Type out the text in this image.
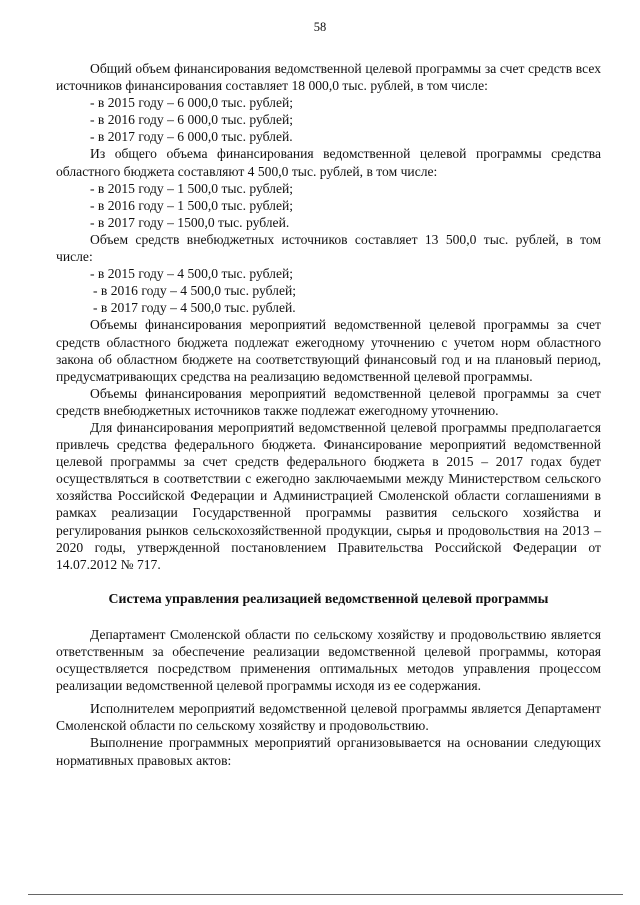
58

Общий объем финансирования ведомственной целевой программы за счет средств всех источников финансирования составляет 18 000,0 тыс. рублей, в том числе:

- в 2015 году – 6 000,0 тыс. рублей;
- в 2016 году – 6 000,0 тыс. рублей;
- в 2017 году – 6 000,0 тыс. рублей.

Из общего объема финансирования ведомственной целевой программы средства областного бюджета составляют 4 500,0 тыс. рублей, в том числе:

- в 2015 году – 1 500,0 тыс. рублей;
- в 2016 году – 1 500,0 тыс. рублей;
- в 2017 году – 1500,0 тыс. рублей.

Объем средств внебюджетных источников составляет 13 500,0 тыс. рублей, в том числе:

- в 2015 году – 4 500,0 тыс. рублей;
- в 2016 году – 4 500,0 тыс. рублей;
- в 2017 году – 4 500,0 тыс. рублей.

Объемы финансирования мероприятий ведомственной целевой программы за счет средств областного бюджета подлежат ежегодному уточнению с учетом норм областного закона об областном бюджете на соответствующий финансовый год и на плановый период, предусматривающих средства на реализацию ведомственной целевой программы.

Объемы финансирования мероприятий ведомственной целевой программы за счет средств внебюджетных источников также подлежат ежегодному уточнению.

Для финансирования мероприятий ведомственной целевой программы предполагается привлечь средства федерального бюджета. Финансирование мероприятий ведомственной целевой программы за счет средств федерального бюджета в 2015 – 2017 годах будет осуществляться в соответствии с ежегодно заключаемыми между Министерством сельского хозяйства Российской Федерации и Администрацией Смоленской области соглашениями в рамках реализации Государственной программы развития сельского хозяйства и регулирования рынков сельскохозяйственной продукции, сырья и продовольствия на 2013 – 2020 годы, утвержденной постановлением Правительства Российской Федерации от 14.07.2012 № 717.

Система управления реализацией ведомственной целевой программы

Департамент Смоленской области по сельскому хозяйству и продовольствию является ответственным за обеспечение реализации ведомственной целевой программы, которая осуществляется посредством применения оптимальных методов управления процессом реализации ведомственной целевой программы исходя из ее содержания.

Исполнителем мероприятий ведомственной целевой программы является Департамент Смоленской области по сельскому хозяйству и продовольствию.

Выполнение программных мероприятий организовывается на основании следующих нормативных правовых актов:
